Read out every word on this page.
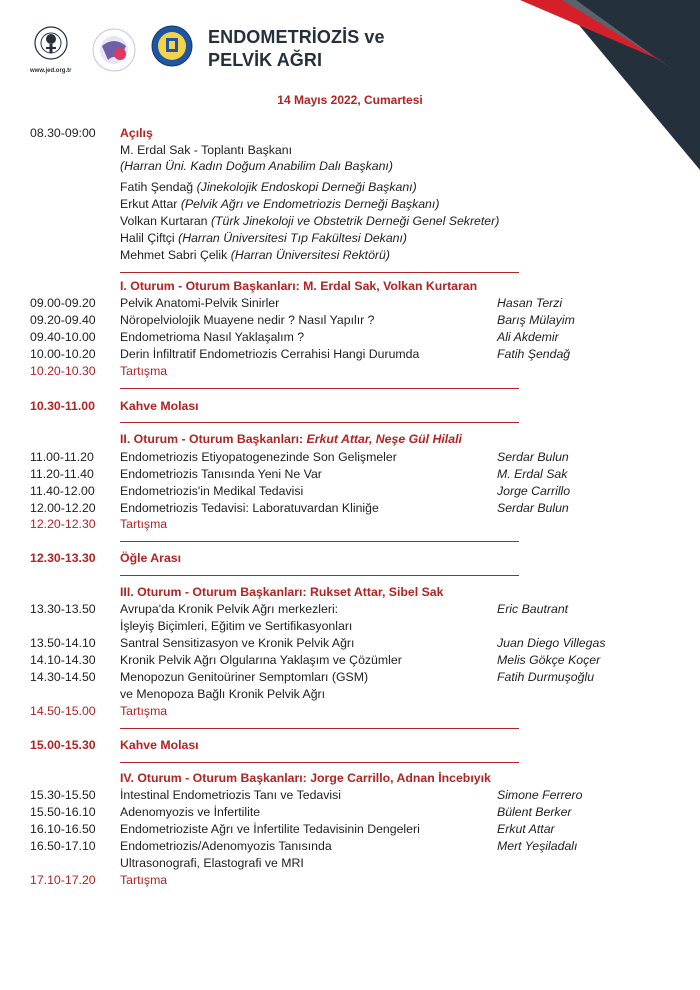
www.jed.org.tr
ENDOMETRİOZİS ve
PELVİK AĞRI
14 Mayıs 2022, Cumartesi
08.30-09:00	Açılış
M. Erdal Sak - Toplantı Başkanı
(Harran Üni. Kadın Doğum Anabilim Dalı Başkanı)
Fatih Şendağ (Jinekolojik Endoskopi Derneği Başkanı)
Erkut Attar (Pelvik Ağrı ve Endometriozis Derneği Başkanı)
Volkan Kurtaran (Türk Jinekoloji ve Obstetrik Derneği Genel Sekreter)
Halil Çiftçi (Harran Üniversitesi Tıp Fakültesi Dekanı)
Mehmet Sabri Çelik (Harran Üniversitesi Rektörü)
I. Oturum - Oturum Başkanları: M. Erdal Sak, Volkan Kurtaran
09.00-09.20	Pelvik Anatomi-Pelvik Sinirler	Hasan Terzi
09.20-09.40	Nöropelviolojik Muayene nedir ? Nasıl Yapılır ?	Barış Mülayim
09.40-10.00	Endometrioma Nasıl Yaklaşalım ?	Ali Akdemir
10.00-10.20	Derin İnfiltratif Endometriozis Cerrahisi Hangi Durumda	Fatih Şendağ
10.20-10.30	Tartışma
10.30-11.00	Kahve Molası
II. Oturum - Oturum Başkanları: Erkut Attar, Neşe Gül Hilali
11.00-11.20	Endometriozis Etiyopatogenezinde Son Gelişmeler	Serdar Bulun
11.20-11.40	Endometriozis Tanısında Yeni Ne Var	M. Erdal Sak
11.40-12.00	Endometriozis'in Medikal Tedavisi	Jorge Carrillo
12.00-12.20	Endometriozis Tedavisi: Laboratuvardan Kliniğe	Serdar Bulun
12.20-12.30	Tartışma
12.30-13.30	Öğle Arası
III. Oturum - Oturum Başkanları: Rukset Attar, Sibel Sak
13.30-13.50	Avrupa'da Kronik Pelvik Ağrı merkezleri:	Eric Bautrant
İşleyiş Biçimleri, Eğitim ve Sertifikasyonları
13.50-14.10	Santral Sensitizasyon ve Kronik Pelvik Ağrı	Juan Diego Villegas
14.10-14.30	Kronik Pelvik Ağrı Olgularına Yaklaşım ve Çözümler	Melis Gökçe Koçer
14.30-14.50	Menopozun Genitoüriner Semptomları (GSM)	Fatih Durmuşoğlu
ve Menopoza Bağlı Kronik Pelvik Ağrı
14.50-15.00	Tartışma
15.00-15.30	Kahve Molası
IV. Oturum - Oturum Başkanları: Jorge Carrillo, Adnan İncebıyık
15.30-15.50	İntestinal Endometriozis Tanı ve Tedavisi	Simone Ferrero
15.50-16.10	Adenomyozis ve İnfertilite	Bülent Berker
16.10-16.50	Endometrioziste Ağrı ve İnfertilite Tedavisinin Dengeleri	Erkut Attar
16.50-17.10	Endometriozis/Adenomyozis Tanısında	Mert Yeşiladalı
Ultrasonografi, Elastografi ve MRI
17.10-17.20	Tartışma
